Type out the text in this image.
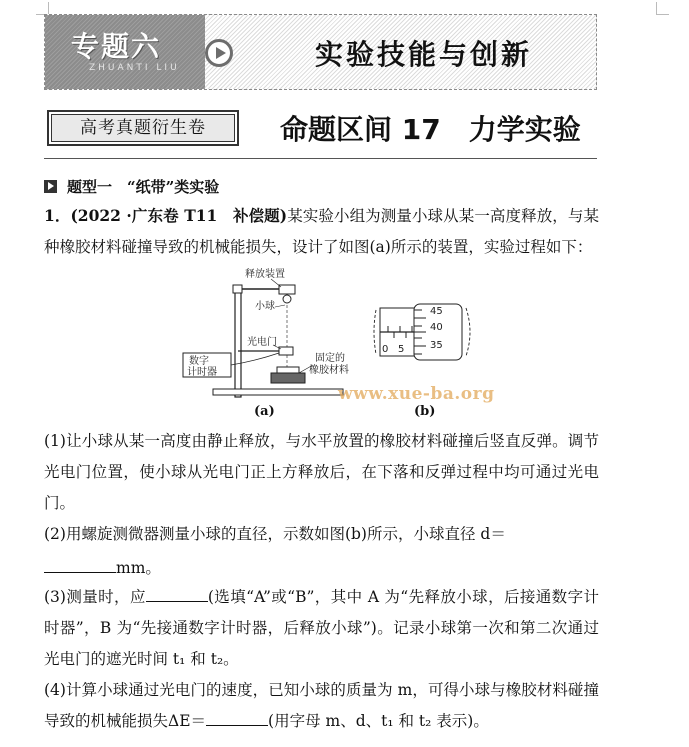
专题六
ZHUANTI LIU	实验技能与创新
高考真题衍生卷	命题区间 17　力学实验
题型一　“纸带”类实验

1．(2022 ·广东卷 T11　补偿题)某实验小组为测量小球从某一高度释放，与某种橡胶材料碰撞导致的机械能损失，设计了如图(a)所示的装置，实验过程如下：

释放装置
小球
光电门
数字
计时器
固定的
橡胶材料
(a)
0 5
45
40
35
(b)
www.xue-ba.org

(1)让小球从某一高度由静止释放，与水平放置的橡胶材料碰撞后竖直反弹。调节光电门位置，使小球从光电门正上方释放后，在下落和反弹过程中均可通过光电门。

(2)用螺旋测微器测量小球的直径，示数如图(b)所示，小球直径 d＝

mm。

(3)测量时，应	(选填“A”或“B”，其中 A 为“先释放小球，后接通数字计时器”，B 为“先接通数字计时器，后释放小球”)。记录小球第一次和第二次通过光电门的遮光时间 t₁ 和 t₂。

(4)计算小球通过光电门的速度，已知小球的质量为 m，可得小球与橡胶材料碰撞导致的机械能损失ΔE＝	(用字母 m、d、t₁ 和 t₂ 表示)。
